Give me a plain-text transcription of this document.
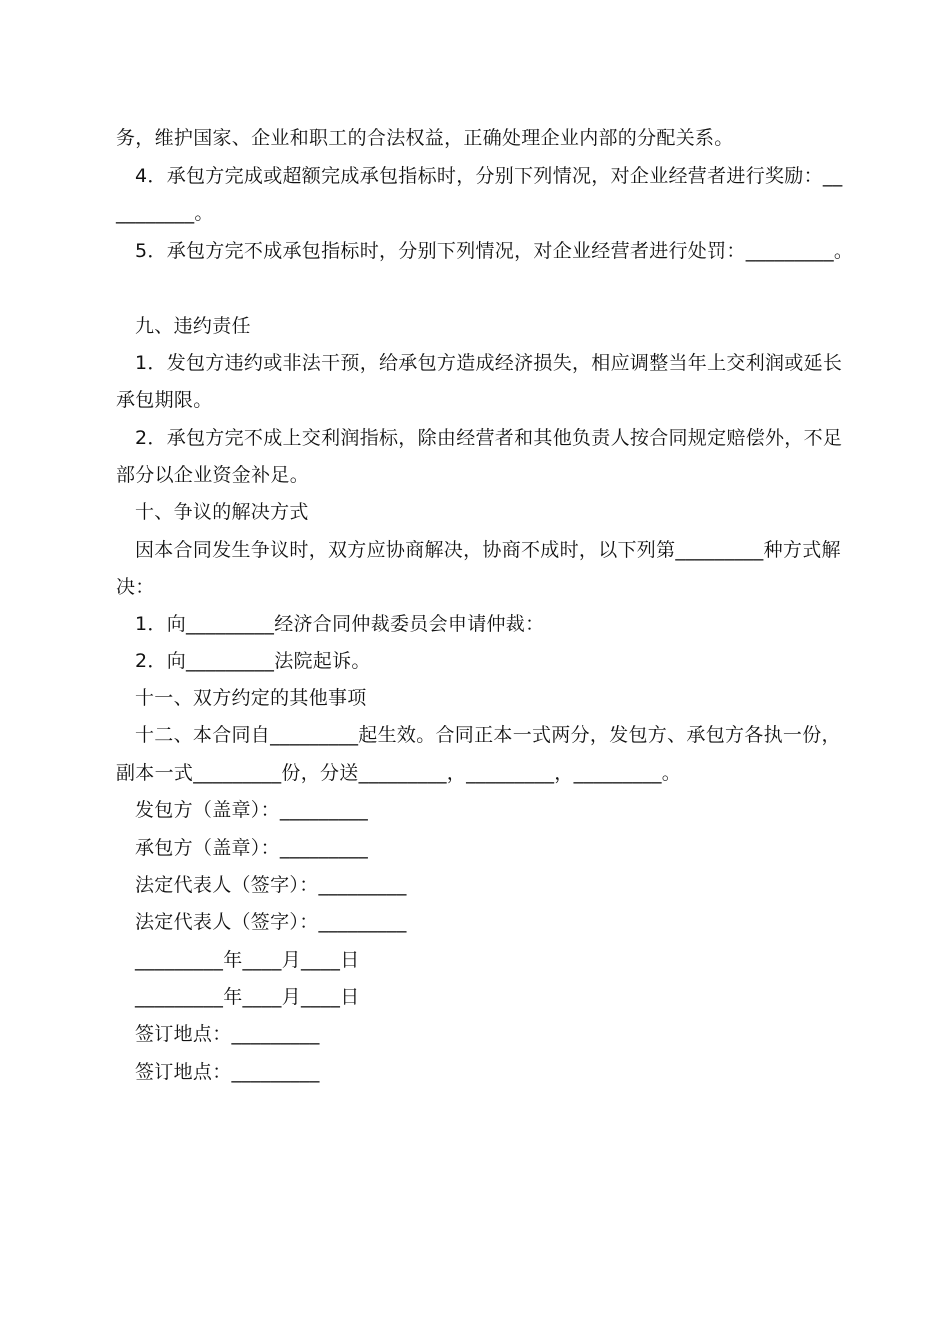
务，维护国家、企业和职工的合法权益，正确处理企业内部的分配关系。
4．承包方完成或超额完成承包指标时，分别下列情况，对企业经营者进行奖励：__
________。
5．承包方完不成承包指标时，分别下列情况，对企业经营者进行处罚：_________。
九、违约责任
1．发包方违约或非法干预，给承包方造成经济损失，相应调整当年上交利润或延长
承包期限。
2．承包方完不成上交利润指标，除由经营者和其他负责人按合同规定赔偿外，不足
部分以企业资金补足。
十、争议的解决方式
因本合同发生争议时，双方应协商解决，协商不成时，以下列第_________种方式解
决：
1．向_________经济合同仲裁委员会申请仲裁：
2．向_________法院起诉。
十一、双方约定的其他事项
十二、本合同自_________起生效。合同正本一式两分，发包方、承包方各执一份，
副本一式_________份，分送_________，_________，_________。
发包方（盖章）：_________
承包方（盖章）：_________
法定代表人（签字）：_________
法定代表人（签字）：_________
_________年____月____日
_________年____月____日
签订地点：_________
签订地点：_________
